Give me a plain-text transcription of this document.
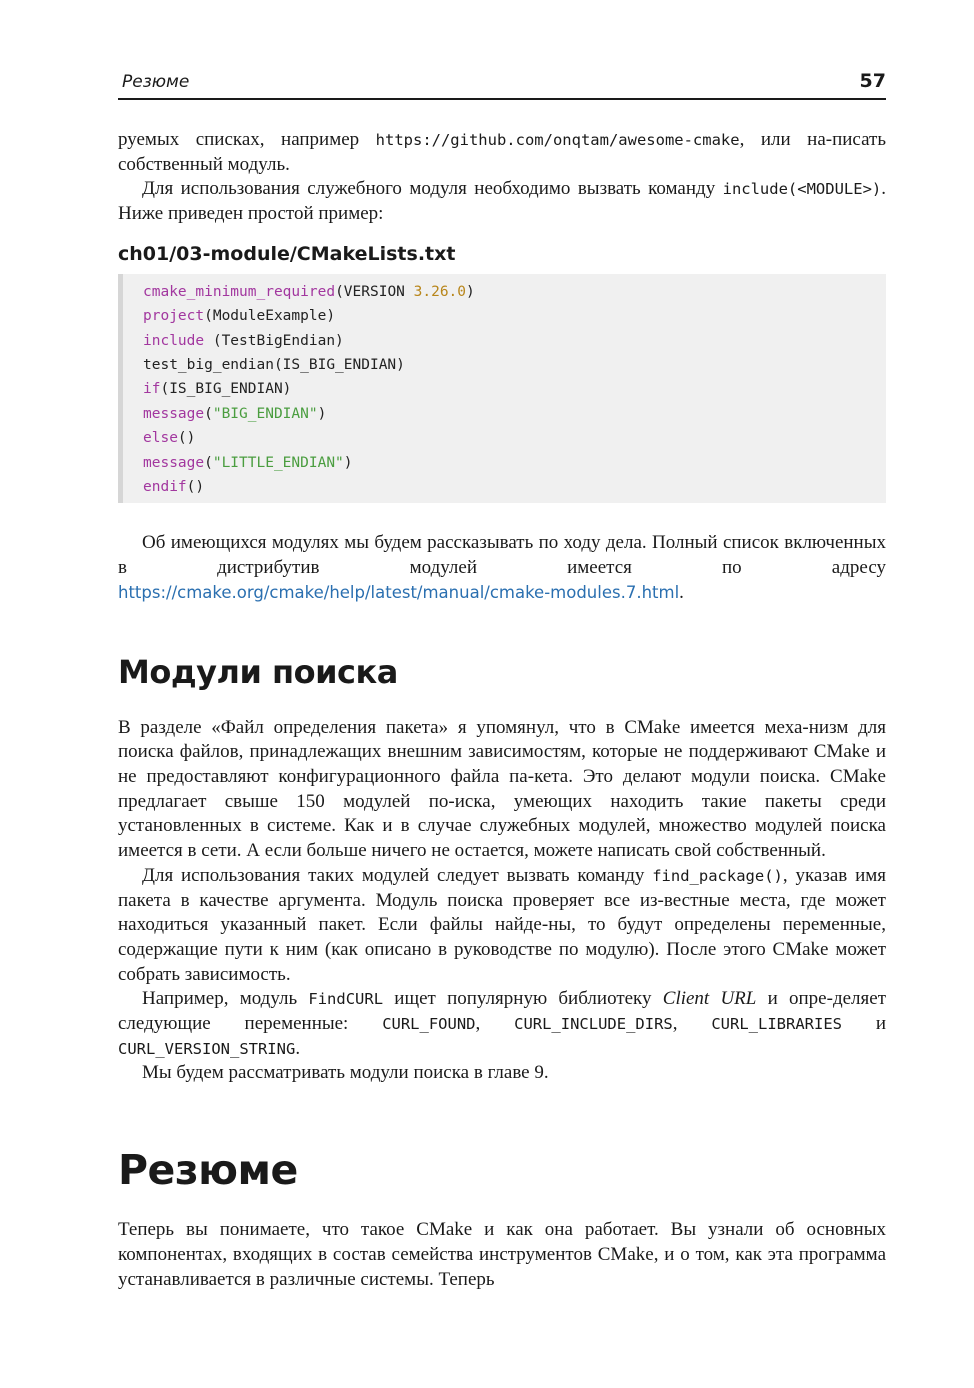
Резюме	57

руемых списках, например https://github.com/onqtam/awesome-cmake, или на-писать собственный модуль.

Для использования служебного модуля необходимо вызвать команду include(<MODULE>). Ниже приведен простой пример:

ch01/03-module/CMakeLists.txt
cmake_minimum_required(VERSION 3.26.0)
project(ModuleExample)
include (TestBigEndian)
test_big_endian(IS_BIG_ENDIAN)
if(IS_BIG_ENDIAN)
message("BIG_ENDIAN")
else()
message("LITTLE_ENDIAN")
endif()

Об имеющихся модулях мы будем рассказывать по ходу дела. Полный список включенных в дистрибутив модулей имеется по адресу https://cmake.org/cmake/help/latest/manual/cmake-modules.7.html.

Модули поиска

В разделе «Файл определения пакета» я упомянул, что в CMake имеется меха-низм для поиска файлов, принадлежащих внешним зависимостям, которые не поддерживают CMake и не предоставляют конфигурационного файла па-кета. Это делают модули поиска. CMake предлагает свыше 150 модулей по-иска, умеющих находить такие пакеты среди установленных в системе. Как и в случае служебных модулей, множество модулей поиска имеется в сети. А если больше ничего не остается, можете написать свой собственный.

Для использования таких модулей следует вызвать команду find_package(), указав имя пакета в качестве аргумента. Модуль поиска проверяет все из-вестные места, где может находиться указанный пакет. Если файлы найде-ны, то будут определены переменные, содержащие пути к ним (как описано в руководстве по модулю). После этого CMake может собрать зависимость.

Например, модуль FindCURL ищет популярную библиотеку Client URL и опре-деляет следующие переменные: CURL_FOUND, CURL_INCLUDE_DIRS, CURL_LIBRARIES и CURL_VERSION_STRING.

Мы будем рассматривать модули поиска в главе 9.

Резюме

Теперь вы понимаете, что такое CMake и как она работает. Вы узнали об основных компонентах, входящих в состав семейства инструментов CMake, и о том, как эта программа устанавливается в различные системы. Теперь
